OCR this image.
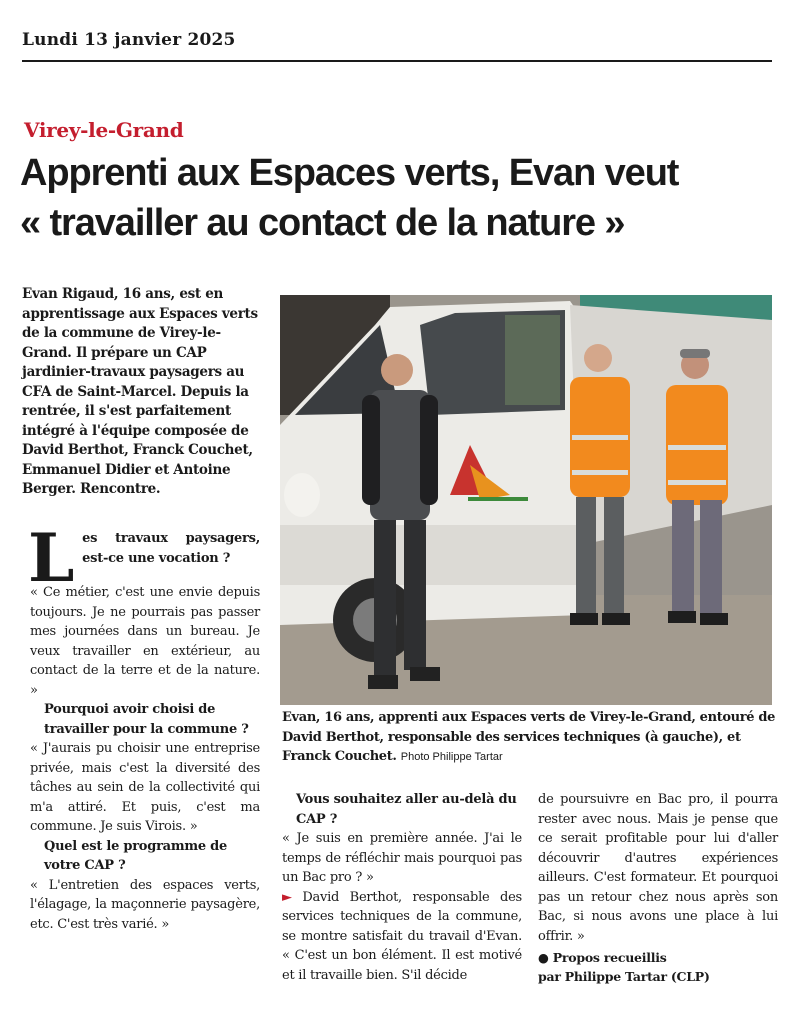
Lundi 13 janvier 2025
Virey-le-Grand
Apprenti aux Espaces verts, Evan veut
« travailler au contact de la nature »
Evan Rigaud, 16 ans, est en apprentissage aux Espaces verts de la commune de Virey-le-Grand. Il prépare un CAP jardinier-travaux paysagers au CFA de Saint-Marcel. Depuis la rentrée, il s'est parfaitement intégré à l'équipe composée de David Berthot, Franck Couchet, Emmanuel Didier et Antoine Berger. Rencontre.
Evan, 16 ans, apprenti aux Espaces verts de Virey-le-Grand, entouré de David Berthot, responsable des services techniques (à gauche), et Franck Couchet. Photo Philippe Tartar
L es travaux paysagers, est-ce une vocation ?

« Ce métier, c'est une envie depuis toujours. Je ne pourrais pas passer mes journées dans un bureau. Je veux travailler en extérieur, au contact de la terre et de la nature. »

Pourquoi avoir choisi de travailler pour la commune ?

« J'aurais pu choisir une entreprise privée, mais c'est la diversité des tâches au sein de la collectivité qui m'a attiré. Et puis, c'est ma commune. Je suis Virois. »

Quel est le programme de votre CAP ?

« L'entretien des espaces verts, l'élagage, la maçonnerie paysagère, etc. C'est très varié. »

Vous souhaitez aller au-delà du CAP ?

« Je suis en première année. J'ai le temps de réfléchir mais pourquoi pas un Bac pro ? »

► David Berthot, responsable des services techniques de la commune, se montre satisfait du travail d'Evan. « C'est un bon élément. Il est motivé et il travaille bien. S'il décide

de poursuivre en Bac pro, il pourra rester avec nous. Mais je pense que ce serait profitable pour lui d'aller découvrir d'autres expériences ailleurs. C'est formateur. Et pourquoi pas un retour chez nous après son Bac, si nous avons une place à lui offrir. »

● Propos recueillis
par Philippe Tartar (CLP)
